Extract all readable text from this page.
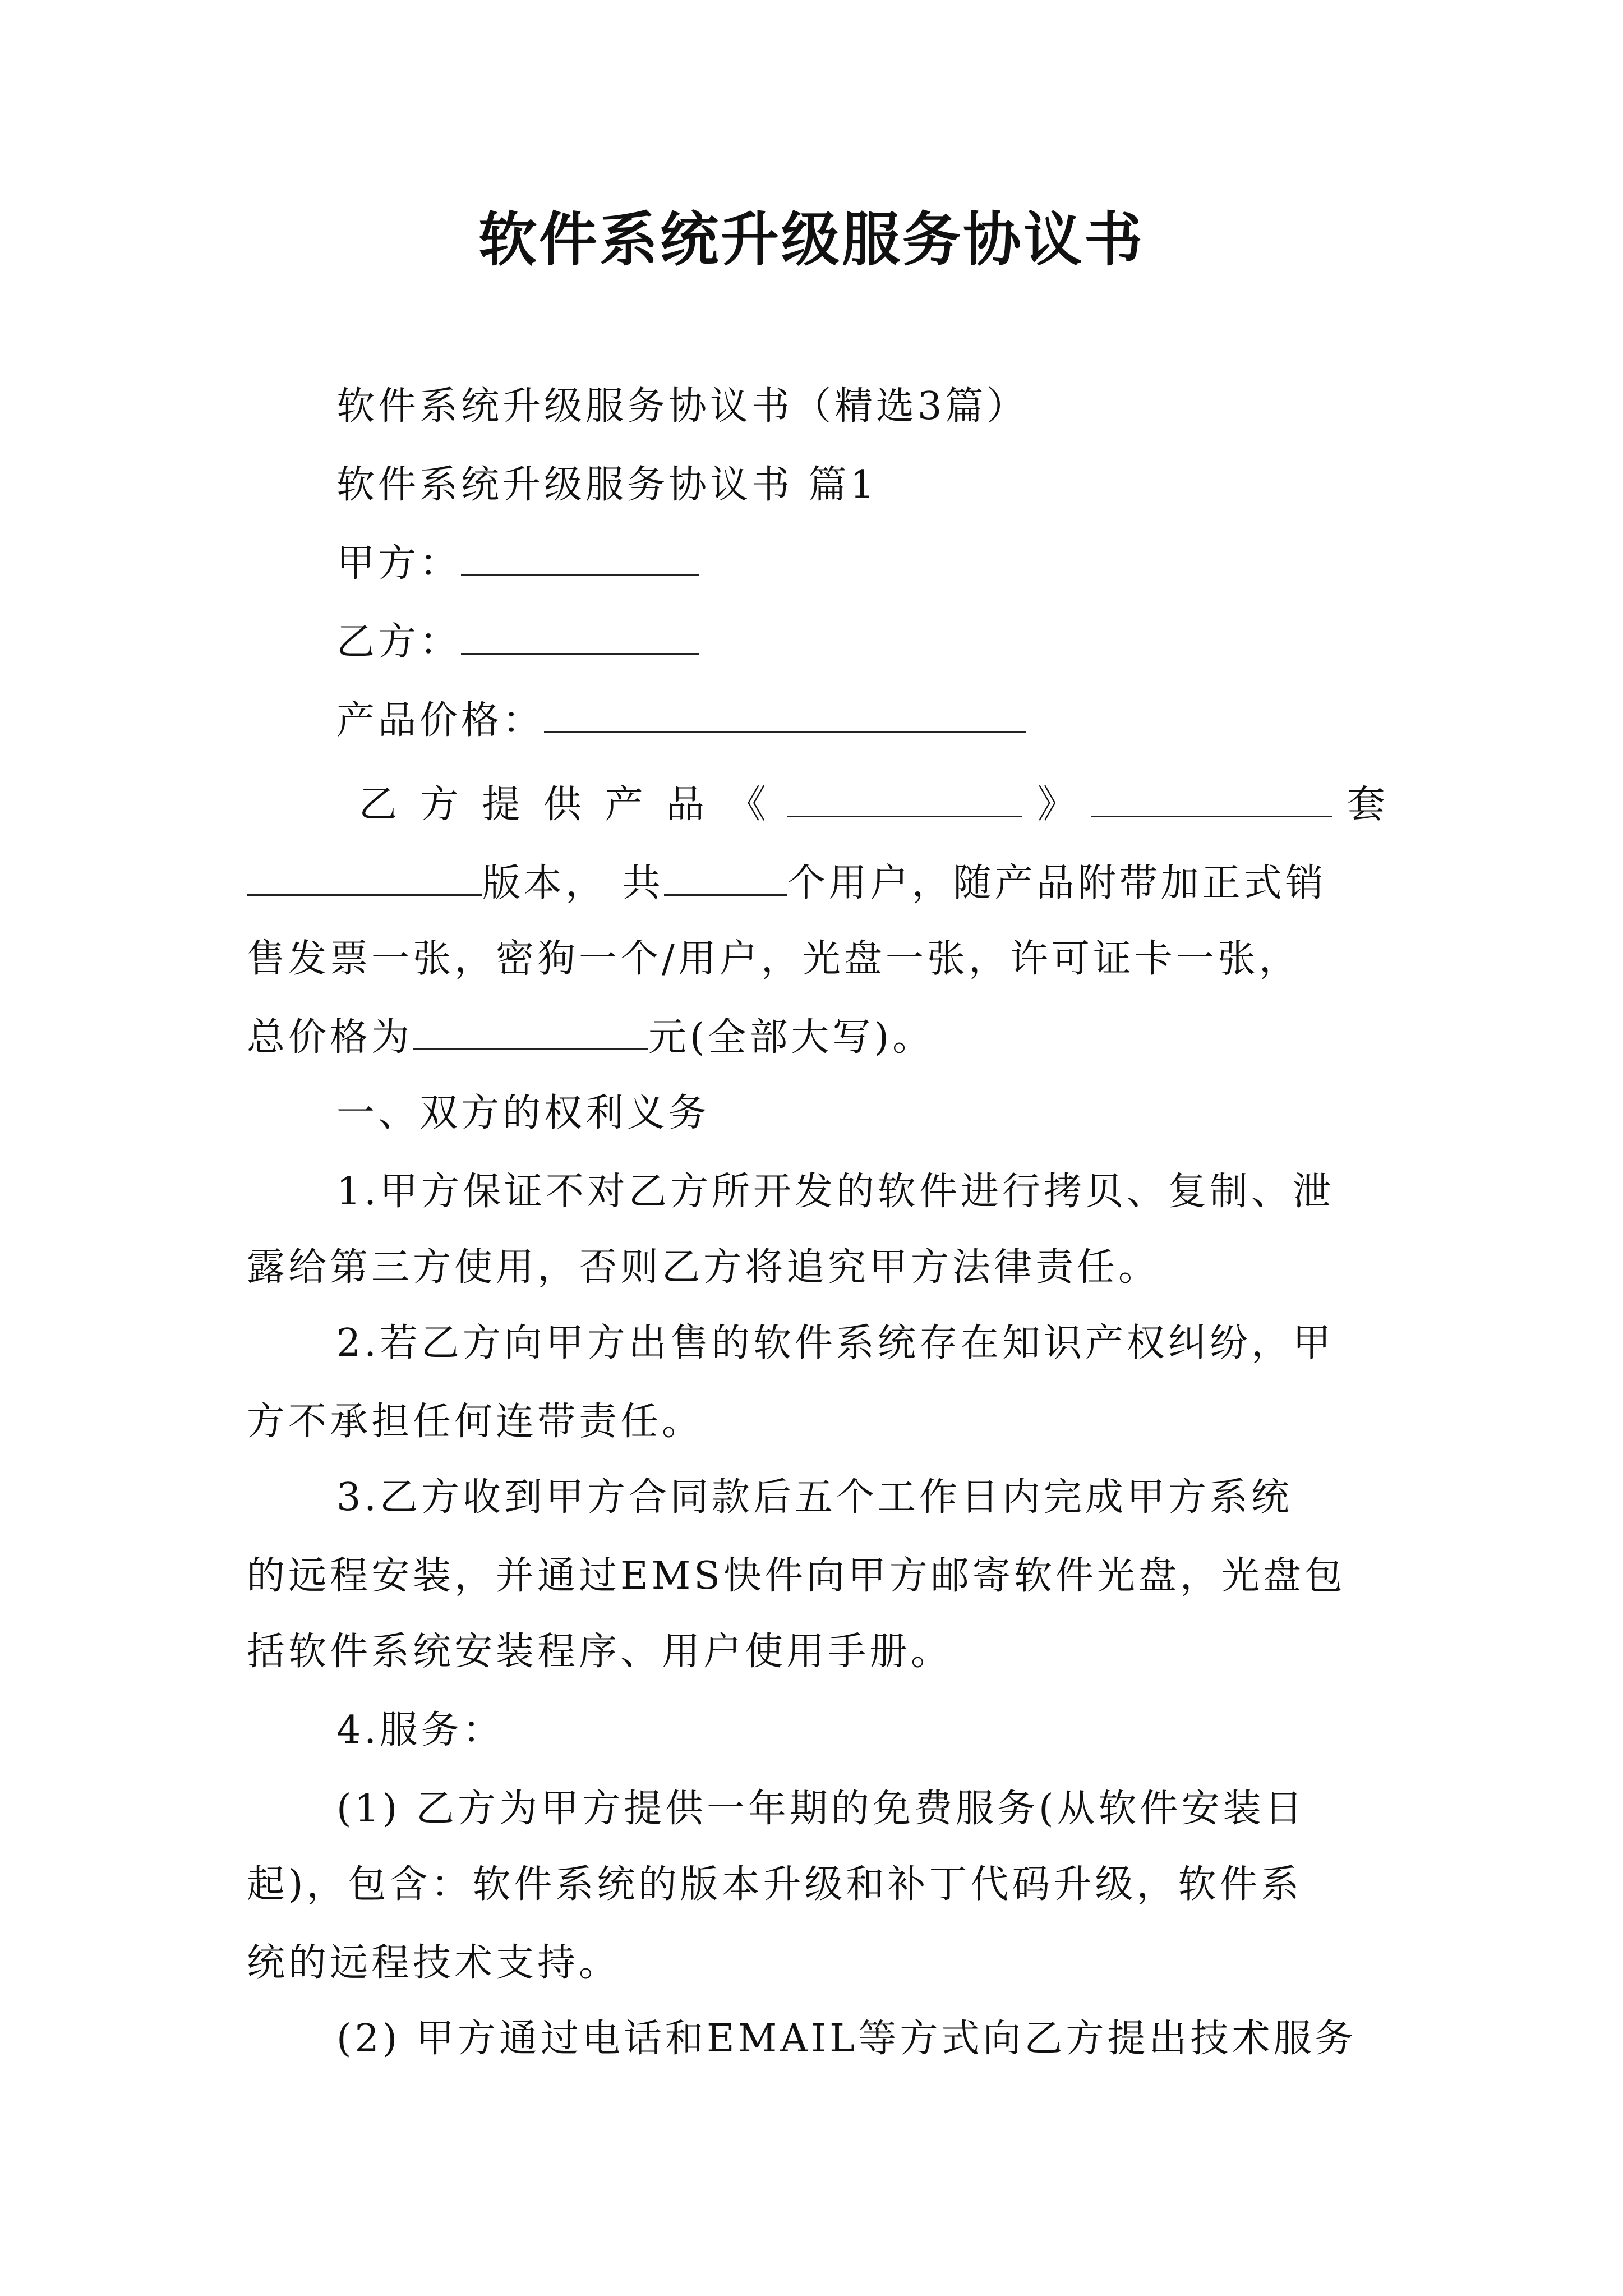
软件系统升级服务协议书
软件系统升级服务协议书（精选3篇）
软件系统升级服务协议书 篇1
甲方：
乙方：
产品价格：
乙 方 提 供 产 品 《	》	套
版本， 共	个用户，随产品附带加正式销
售发票一张，密狗一个/用户，光盘一张，许可证卡一张，
总价格为	元(全部大写)。
一、双方的权利义务
1.甲方保证不对乙方所开发的软件进行拷贝、复制、泄
露给第三方使用，否则乙方将追究甲方法律责任。
2.若乙方向甲方出售的软件系统存在知识产权纠纷，甲
方不承担任何连带责任。
3.乙方收到甲方合同款后五个工作日内完成甲方系统
的远程安装，并通过EMS快件向甲方邮寄软件光盘，光盘包
括软件系统安装程序、用户使用手册。
4.服务：
(1) 乙方为甲方提供一年期的免费服务(从软件安装日
起)，包含：软件系统的版本升级和补丁代码升级，软件系
统的远程技术支持。
(2) 甲方通过电话和EMAIL等方式向乙方提出技术服务
